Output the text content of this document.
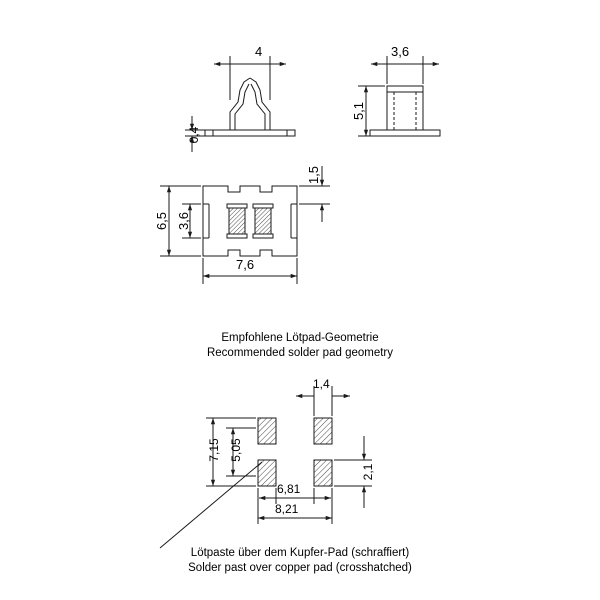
4
0,4
3,6
5,1
6,5 3,6
1,5
7,6
7,15 5,05
1,4
2,1
6,81
8,21
Empfohlene Lötpad-Geometrie
Recommended solder pad geometry
Lötpaste über dem Kupfer-Pad (schraffiert)
Solder past over copper pad (crosshatched)
